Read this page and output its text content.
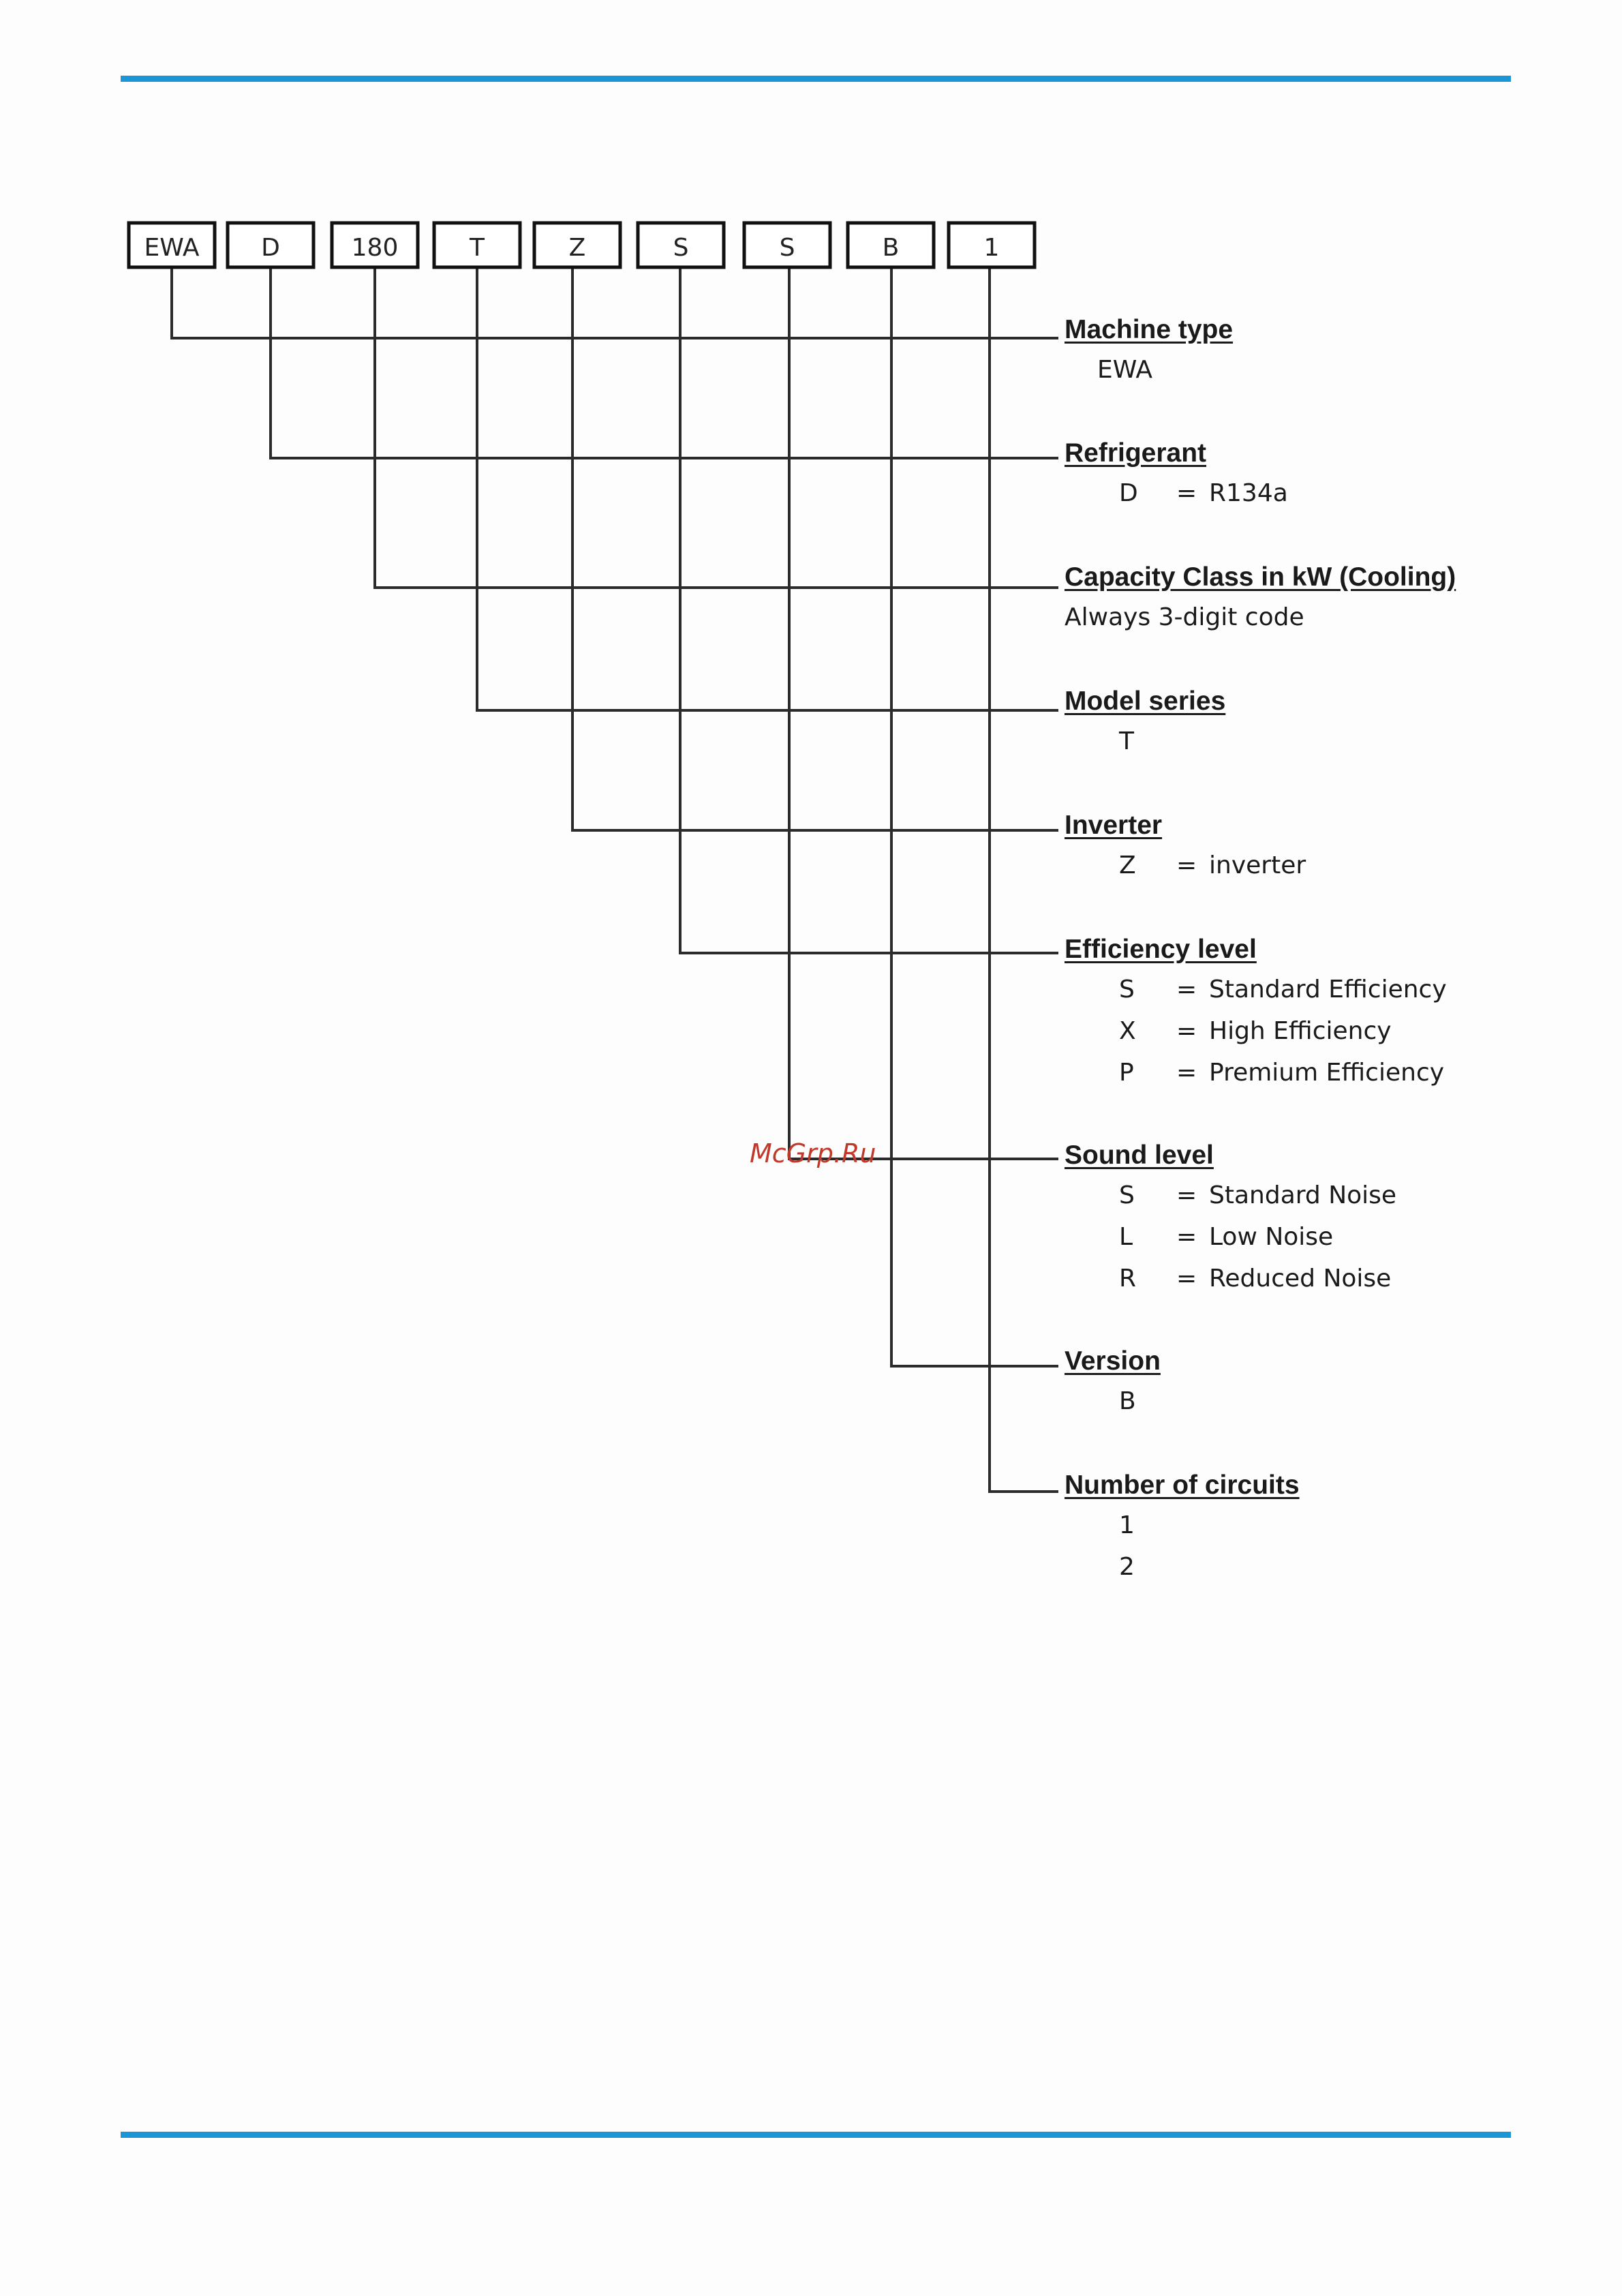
EWA	D	180	T	Z	S	S	B	1
Machine type
EWA
Refrigerant
D	= R134a
Capacity Class in kW (Cooling)
Always 3-digit code
Model series
T
Inverter
Z	= inverter
Efficiency level
S	= Standard Efficiency
X	= High Efficiency
P	= Premium Efficiency
Sound level
S	= Standard Noise
L	= Low Noise
R	= Reduced Noise
Version
B
Number of circuits
1
2
McGrp.Ru
